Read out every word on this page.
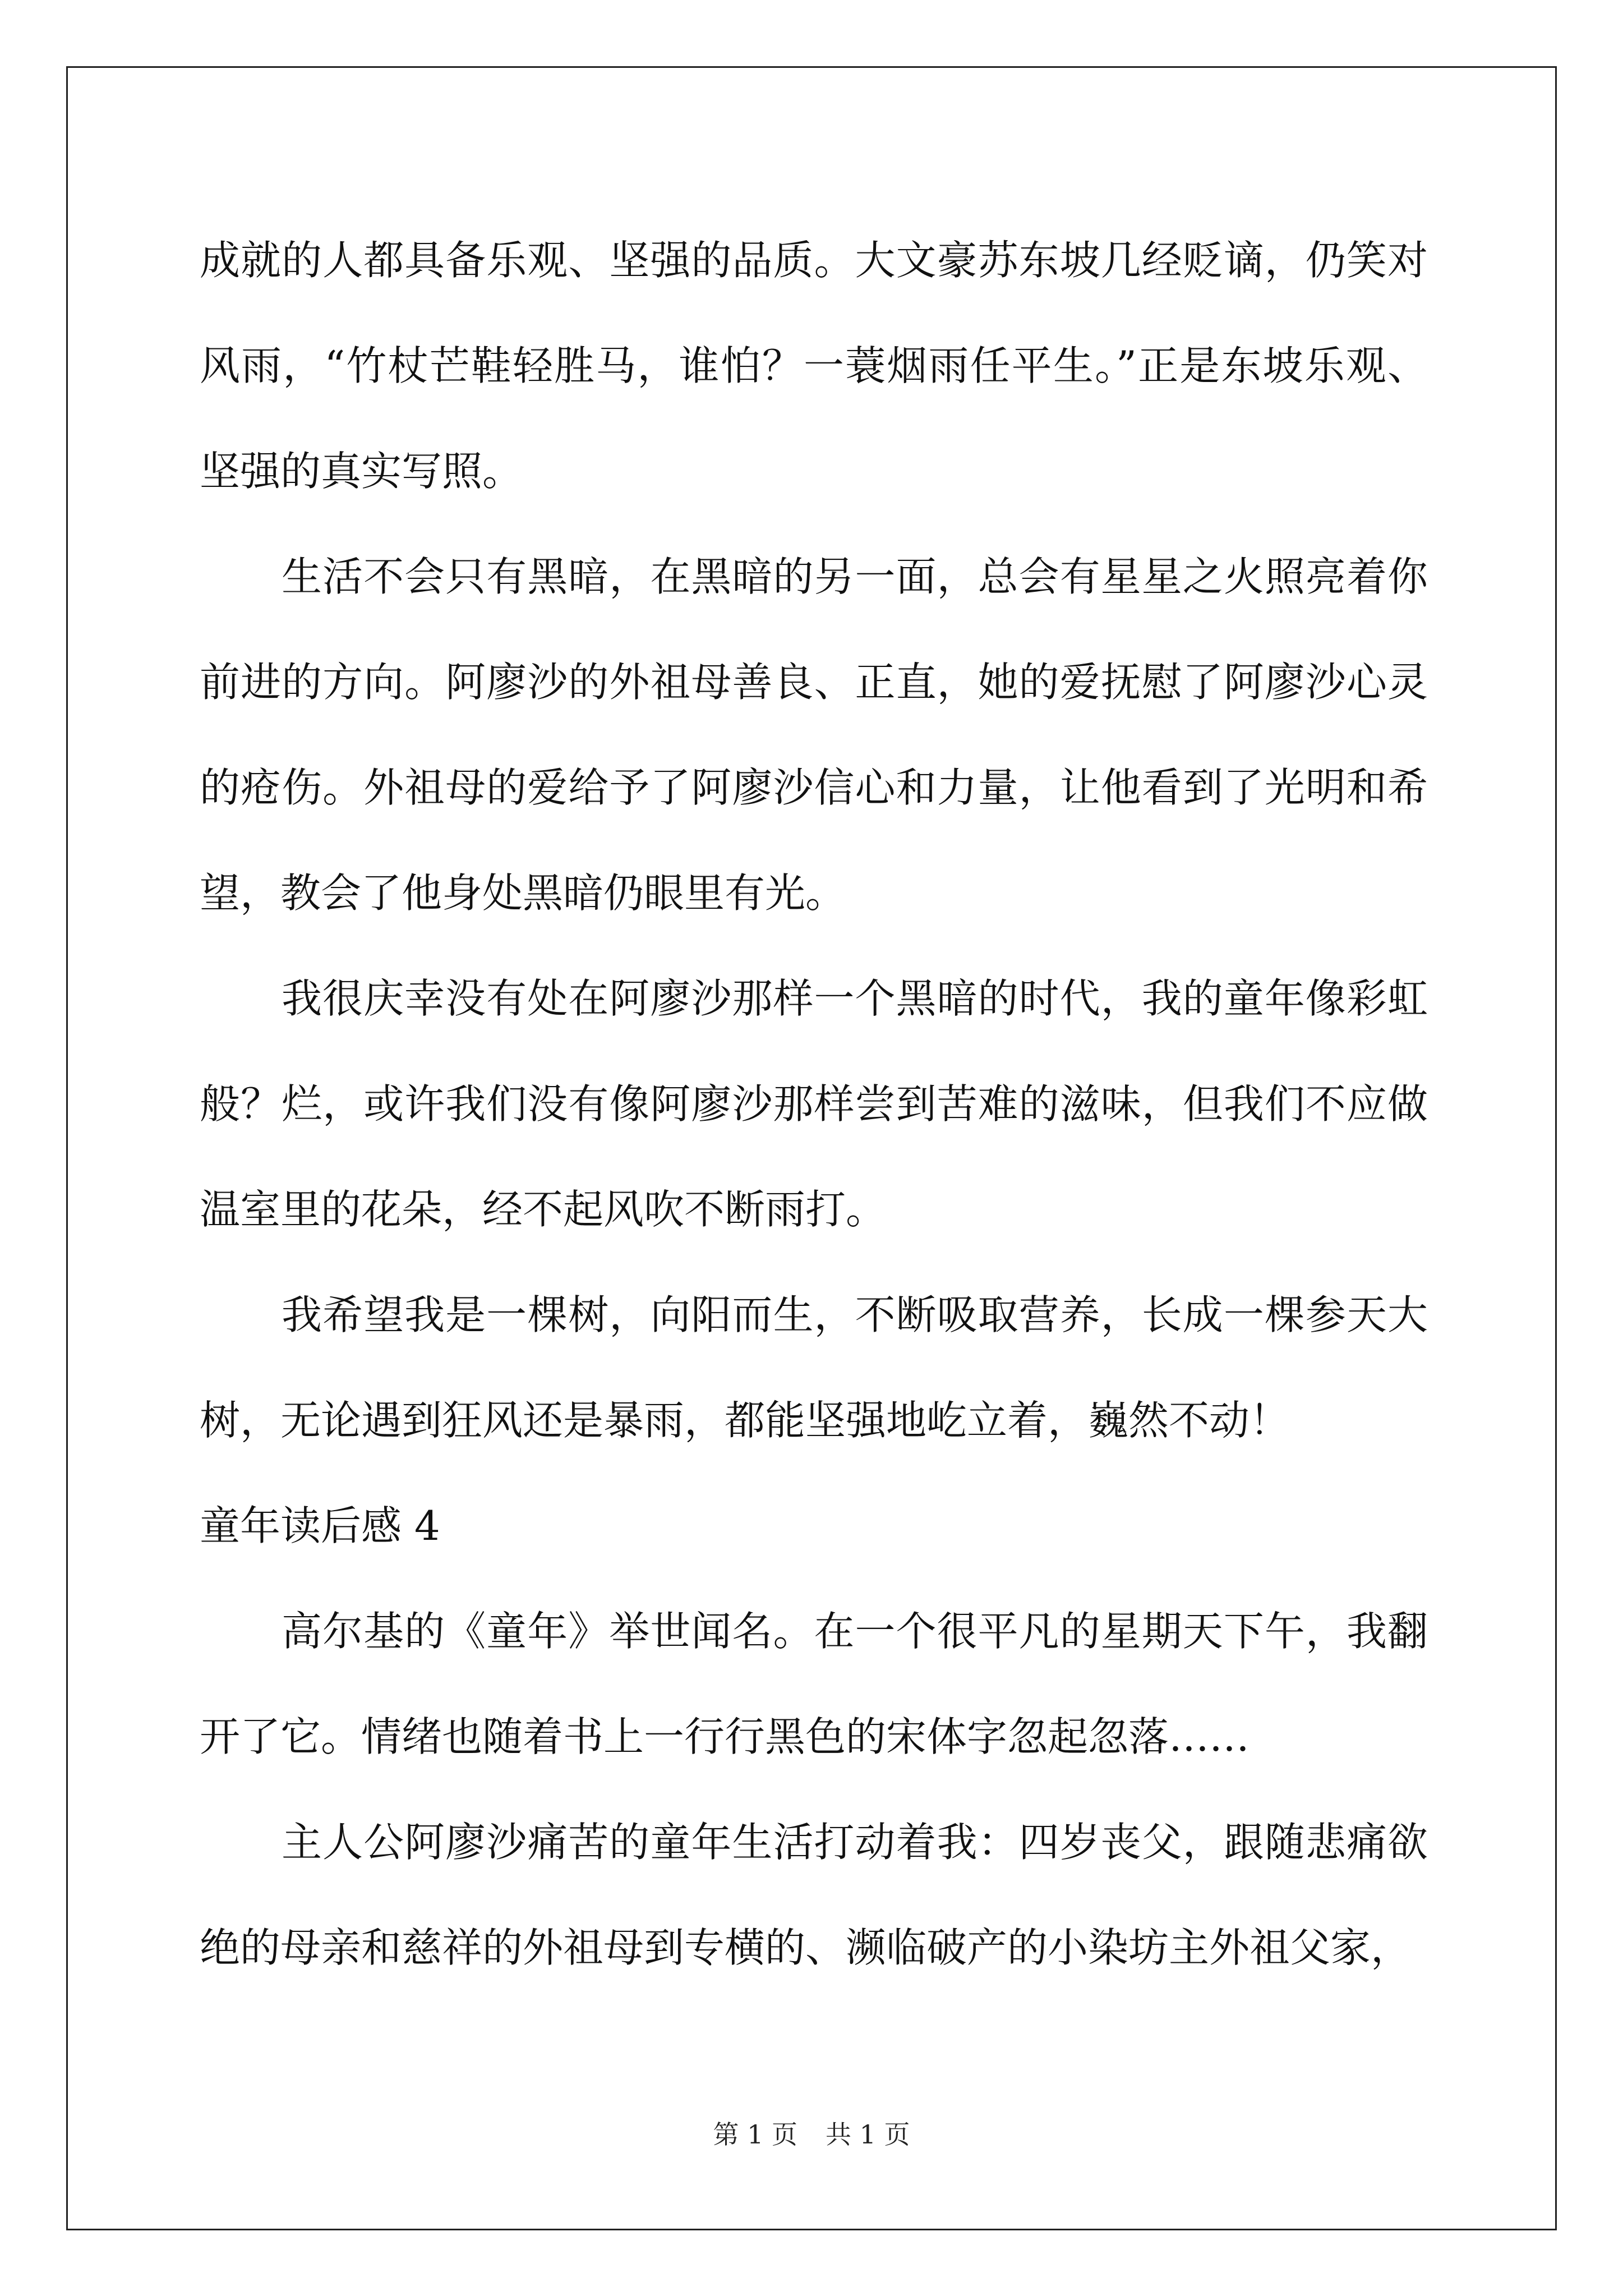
成就的人都具备乐观、坚强的品质。大文豪苏东坡几经贬谪，仍笑对风雨，“竹杖芒鞋轻胜马，谁怕？一蓑烟雨任平生。”正是东坡乐观、坚强的真实写照。

生活不会只有黑暗，在黑暗的另一面，总会有星星之火照亮着你前进的方向。阿廖沙的外祖母善良、正直，她的爱抚慰了阿廖沙心灵的疮伤。外祖母的爱给予了阿廖沙信心和力量，让他看到了光明和希望，教会了他身处黑暗仍眼里有光。

我很庆幸没有处在阿廖沙那样一个黑暗的时代，我的童年像彩虹般？烂，或许我们没有像阿廖沙那样尝到苦难的滋味，但我们不应做温室里的花朵，经不起风吹不断雨打。

我希望我是一棵树，向阳而生，不断吸取营养，长成一棵参天大树，无论遇到狂风还是暴雨，都能坚强地屹立着，巍然不动！

童年读后感 4

高尔基的《童年》举世闻名。在一个很平凡的星期天下午，我翻开了它。情绪也随着书上一行行黑色的宋体字忽起忽落……

主人公阿廖沙痛苦的童年生活打动着我：四岁丧父，跟随悲痛欲绝的母亲和慈祥的外祖母到专横的、濒临破产的小染坊主外祖父家，

第 1 页 共 1 页
